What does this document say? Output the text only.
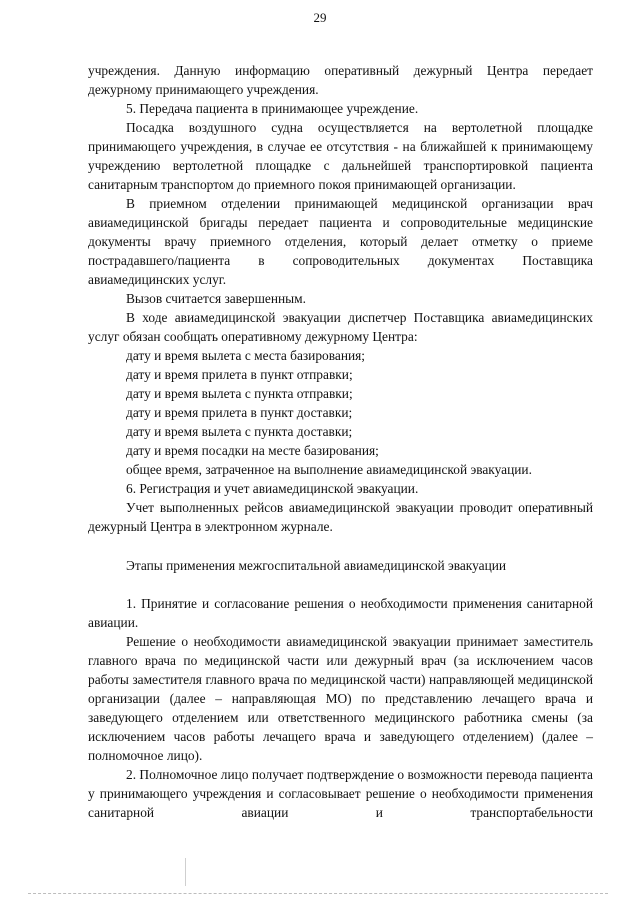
29

учреждения. Данную информацию оперативный дежурный Центра передает дежурному принимающего учреждения.

5. Передача пациента в принимающее учреждение.

Посадка воздушного судна осуществляется на вертолетной площадке принимающего учреждения, в случае ее отсутствия - на ближайшей к принимающему учреждению вертолетной площадке с дальнейшей транспортировкой пациента санитарным транспортом до приемного покоя принимающей организации.

В приемном отделении принимающей медицинской организации врач авиамедицинской бригады передает пациента и сопроводительные медицинские документы врачу приемного отделения, который делает отметку о приеме пострадавшего/пациента в сопроводительных документах Поставщика авиамедицинских услуг.

Вызов считается завершенным.

В ходе авиамедицинской эвакуации диспетчер Поставщика авиамедицинских услуг обязан сообщать оперативному дежурному Центра:

дату и время вылета с места базирования;

дату и время прилета в пункт отправки;

дату и время вылета с пункта отправки;

дату и время прилета в пункт доставки;

дату и время вылета с пункта доставки;

дату и время посадки на месте базирования;

общее время, затраченное на выполнение авиамедицинской эвакуации.

6. Регистрация и учет авиамедицинской эвакуации.

Учет выполненных рейсов авиамедицинской эвакуации проводит оперативный дежурный Центра в электронном журнале.

Этапы применения межгоспитальной авиамедицинской эвакуации

1. Принятие и согласование решения о необходимости применения санитарной авиации.

Решение о необходимости авиамедицинской эвакуации принимает заместитель главного врача по медицинской части или дежурный врач (за исключением часов работы заместителя главного врача по медицинской части) направляющей медицинской организации (далее – направляющая МО) по представлению лечащего врача и заведующего отделением или ответственного медицинского работника смены (за исключением часов работы лечащего врача и заведующего отделением) (далее – полномочное лицо).

2. Полномочное лицо получает подтверждение о возможности перевода пациента у принимающего учреждения и согласовывает решение о необходимости применения санитарной авиации и транспортабельности
